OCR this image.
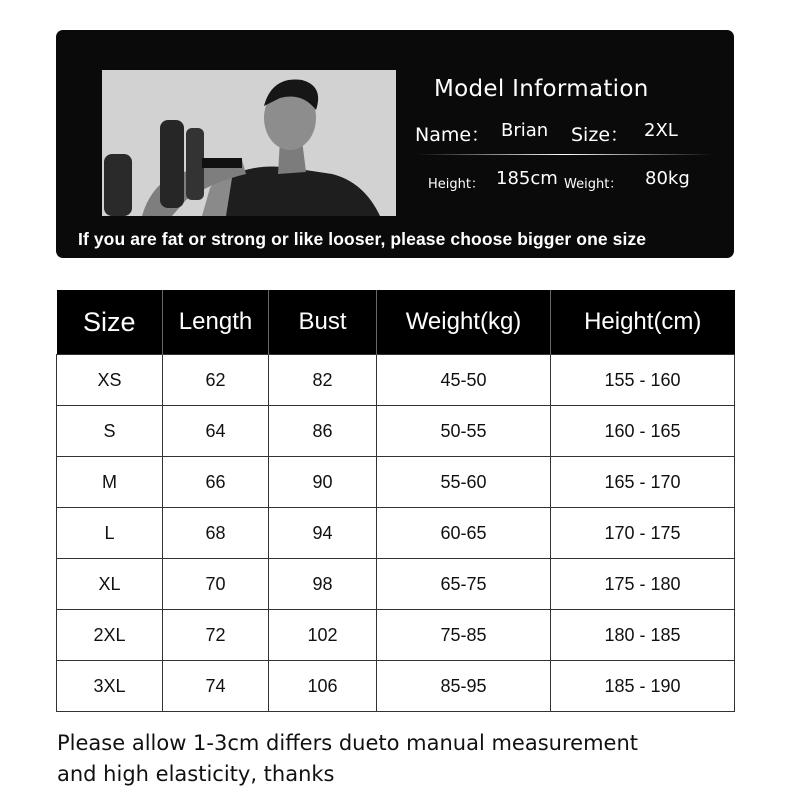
Model Information
Name： Brian Size： 2XL
Height： 185cm Weight： 80kg
If you are fat or strong or like looser, please choose bigger one size
Size	Length	Bust	Weight(kg)	Height(cm)
XS	62	82	45-50	155 - 160
S	64	86	50-55	160 - 165
M	66	90	55-60	165 - 170
L	68	94	60-65	170 - 175
XL	70	98	65-75	175 - 180
2XL	72	102	75-85	180 - 185
3XL	74	106	85-95	185 - 190
Please allow 1-3cm differs dueto manual measurement
and high elasticity, thanks
